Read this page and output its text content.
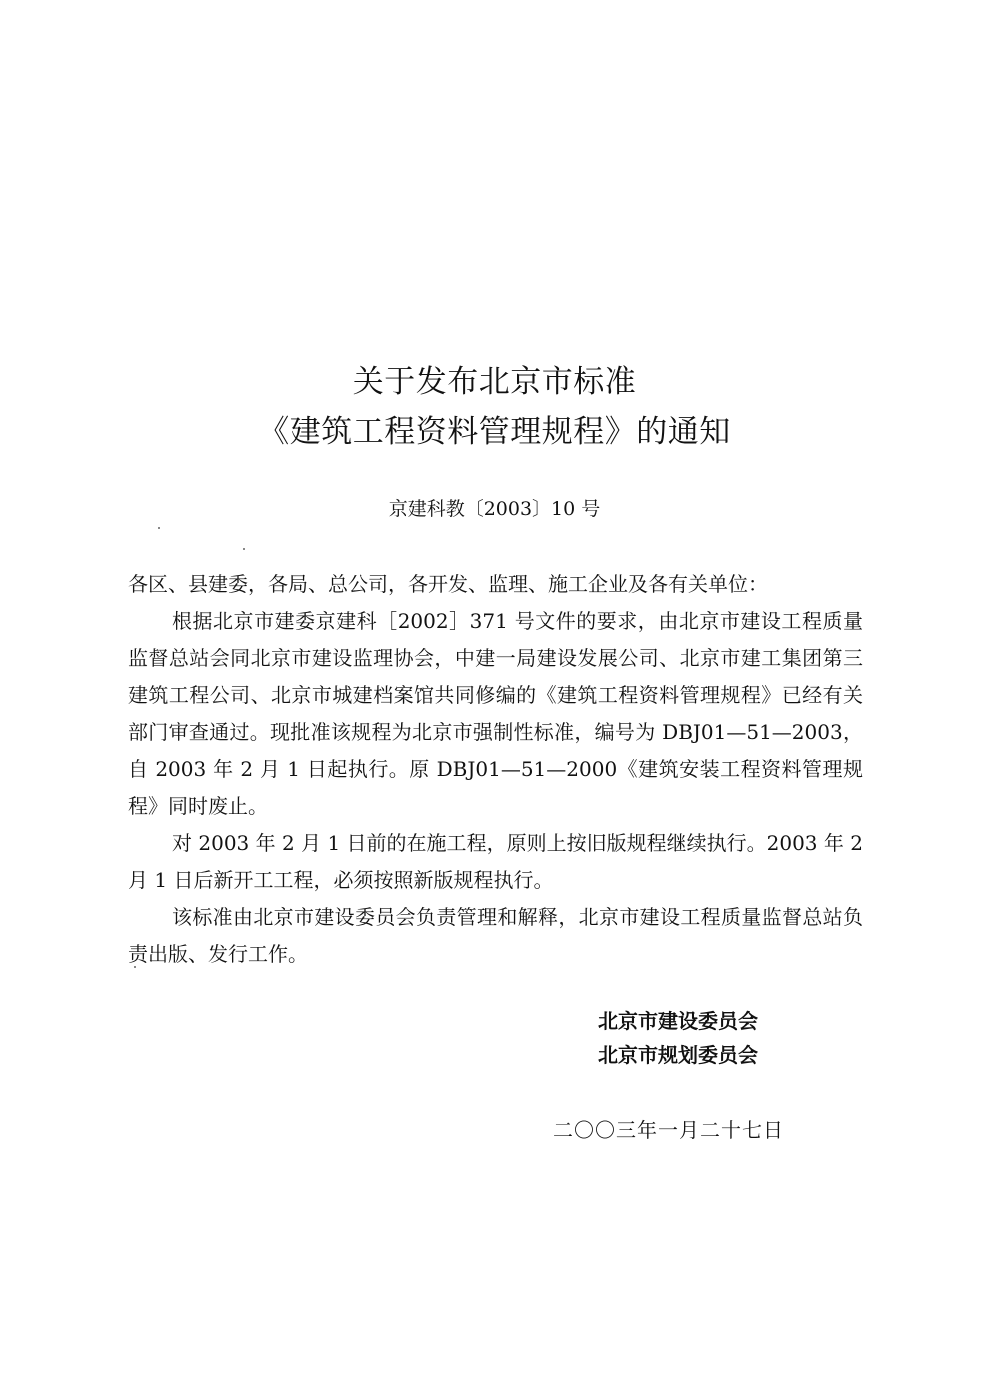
关于发布北京市标准
《建筑工程资料管理规程》的通知
京建科教〔2003〕10 号

各区、县建委，各局、总公司，各开发、监理、施工企业及各有关单位：

根据北京市建委京建科［2002］371 号文件的要求，由北京市建设工程质量监督总站会同北京市建设监理协会，中建一局建设发展公司、北京市建工集团第三建筑工程公司、北京市城建档案馆共同修编的《建筑工程资料管理规程》已经有关部门审查通过。现批准该规程为北京市强制性标准，编号为 DBJ01—51—2003，自 2003 年 2 月 1 日起执行。原 DBJ01—51—2000《建筑安装工程资料管理规程》同时废止。

对 2003 年 2 月 1 日前的在施工程，原则上按旧版规程继续执行。2003 年 2 月 1 日后新开工工程，必须按照新版规程执行。

该标准由北京市建设委员会负责管理和解释，北京市建设工程质量监督总站负责出版、发行工作。

北京市建设委员会
北京市规划委员会
二〇〇三年一月二十七日
